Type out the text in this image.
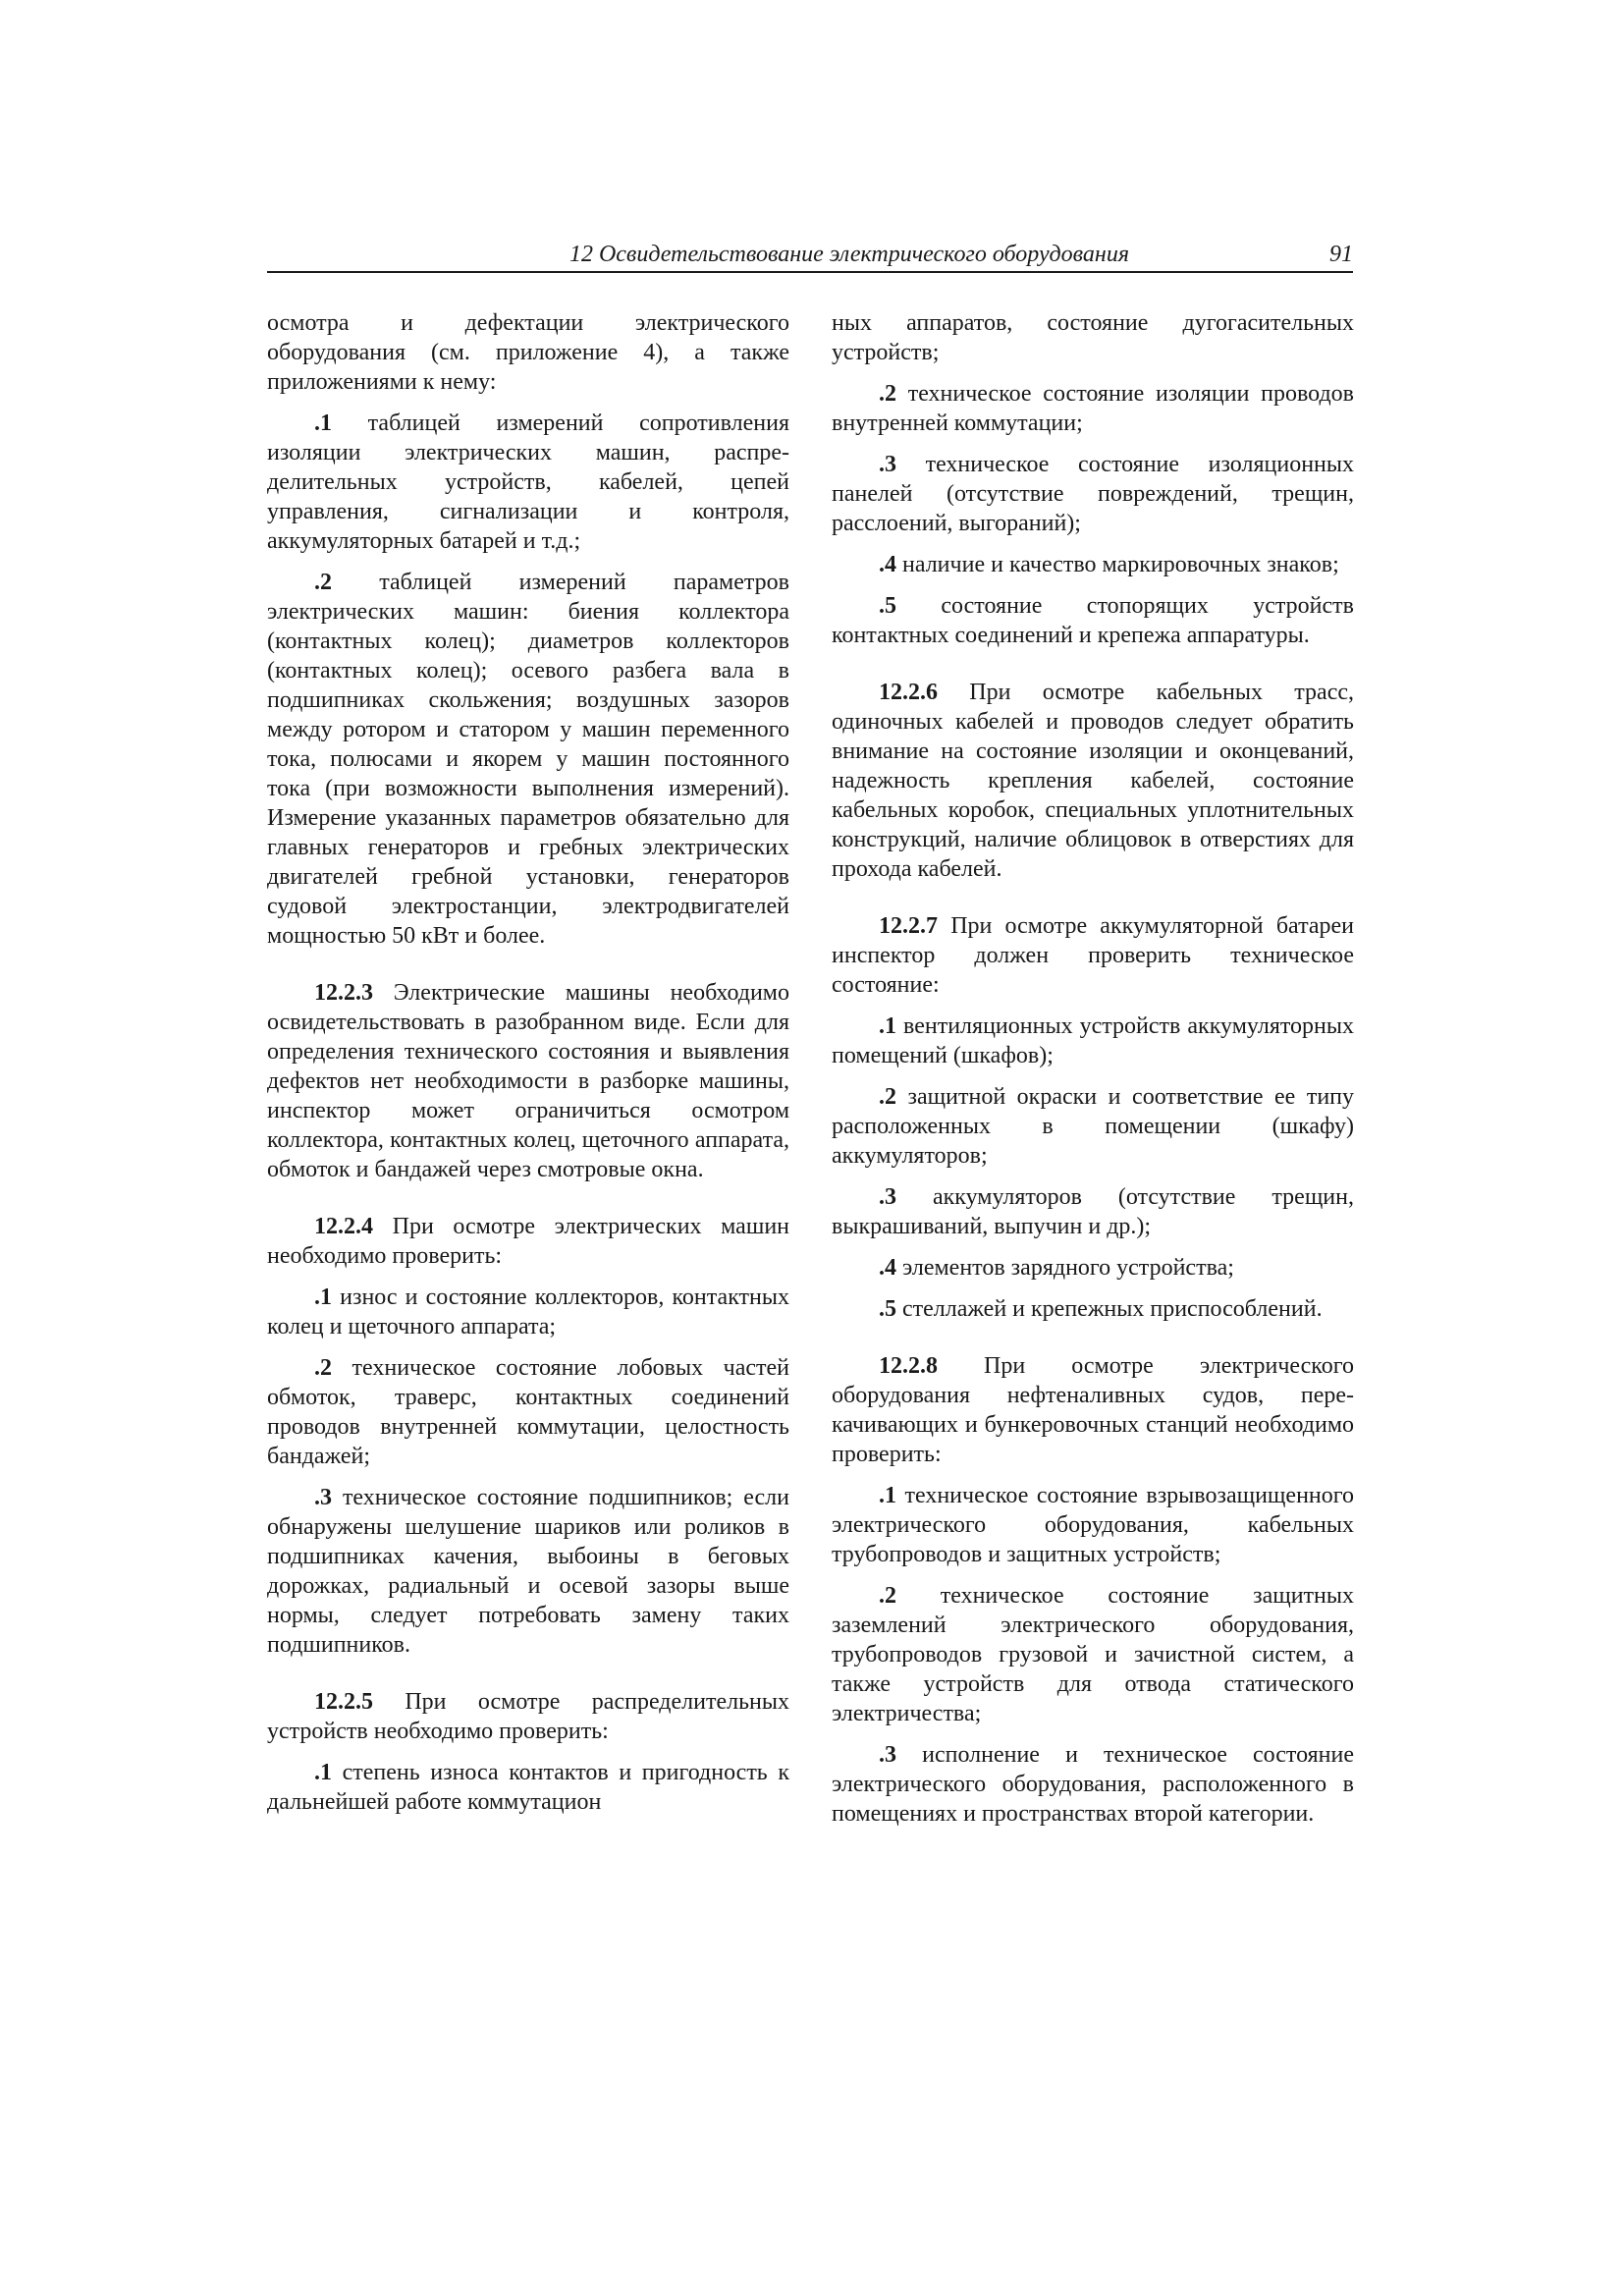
12 Освидетельствование электрического оборудования	91

осмотра и дефектации электрического оборудования (см. приложение 4), а также приложениями к нему:

.1 таблицей измерений сопротивления изоляции электрических машин, распределительных устройств, кабелей, цепей управления, сигнализации и контроля, аккумуляторных батарей и т.д.;

.2 таблицей измерений параметров электрических машин: биения коллектора (контактных колец); диаметров коллекторов (контактных колец); осевого разбега вала в подшипниках скольжения; воздушных зазоров между ротором и статором у машин переменного тока, полюсами и якорем у машин постоянного тока (при возможности выполнения измерений). Измерение указанных параметров обязательно для главных генераторов и гребных электрических двигателей гребной установки, генераторов судовой электростанции, электродвигателей мощностью 50 кВт и более.

12.2.3 Электрические машины необходимо освидетельствовать в разобранном виде. Если для определения технического состояния и выявления дефектов нет необходимости в разборке машины, инспектор может ограничиться осмотром коллектора, контактных колец, щеточного аппарата, обмоток и бандажей через смотровые окна.

12.2.4 При осмотре электрических машин необходимо проверить:

.1 износ и состояние коллекторов, контактных колец и щеточного аппарата;

.2 техническое состояние лобовых частей обмоток, траверс, контактных соединений проводов внутренней коммутации, целостность бандажей;

.3 техническое состояние подшипников; если обнаружены шелушение шариков или роликов в подшипниках качения, выбоины в беговых дорожках, радиальный и осевой зазоры выше нормы, следует потребовать замену таких подшипников.

12.2.5 При осмотре распределительных устройств необходимо проверить:

.1 степень износа контактов и пригодность к дальнейшей работе коммутацион

ных аппаратов, состояние дугогасительных устройств;

.2 техническое состояние изоляции проводов внутренней коммутации;

.3 техническое состояние изоляционных панелей (отсутствие повреждений, трещин, расслоений, выгораний);

.4 наличие и качество маркировочных знаков;

.5 состояние стопорящих устройств контактных соединений и крепежа аппаратуры.

12.2.6 При осмотре кабельных трасс, одиночных кабелей и проводов следует обратить внимание на состояние изоляции и оконцеваний, надежность крепления кабелей, состояние кабельных коробок, специальных уплотнительных конструкций, наличие облицовок в отверстиях для прохода кабелей.

12.2.7 При осмотре аккумуляторной батареи инспектор должен проверить техническое состояние:

.1 вентиляционных устройств аккумуляторных помещений (шкафов);

.2 защитной окраски и соответствие ее типу расположенных в помещении (шкафу) аккумуляторов;

.3 аккумуляторов (отсутствие трещин, выкрашиваний, выпучин и др.);

.4 элементов зарядного устройства;

.5 стеллажей и крепежных приспособлений.

12.2.8 При осмотре электрического оборудования нефтеналивных судов, перекачивающих и бункеровочных станций необходимо проверить:

.1 техническое состояние взрывозащищенного электрического оборудования, кабельных трубопроводов и защитных устройств;

.2 техническое состояние защитных заземлений электрического оборудования, трубопроводов грузовой и зачистной систем, а также устройств для отвода статического электричества;

.3 исполнение и техническое состояние электрического оборудования, расположенного в помещениях и пространствах второй категории.
